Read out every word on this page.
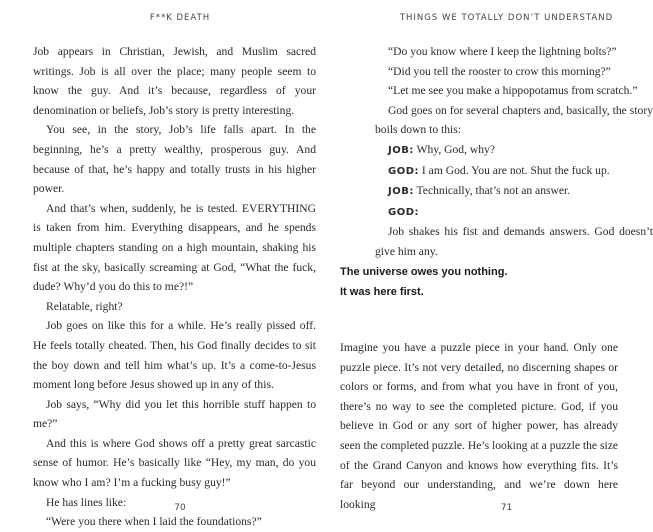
F**K DEATH

Job appears in Christian, Jewish, and Muslim sacred writings. Job is all over the place; many people seem to know the guy. And it’s because, regardless of your denomination or beliefs, Job’s story is pretty interesting.

You see, in the story, Job’s life falls apart. In the beginning, he’s a pretty wealthy, prosperous guy. And because of that, he’s happy and totally trusts in his higher power.

And that’s when, suddenly, he is tested. EVERYTHING is taken from him. Everything disappears, and he spends multiple chapters standing on a high mountain, shaking his fist at the sky, basically screaming at God, “What the fuck, dude? Why’d you do this to me?!”

Relatable, right?

Job goes on like this for a while. He’s really pissed off. He feels totally cheated. Then, his God finally decides to sit the boy down and tell him what’s up. It’s a come-to-Jesus moment long before Jesus showed up in any of this.

Job says, “Why did you let this horrible stuff happen to me?”

And this is where God shows off a pretty great sarcastic sense of humor. He’s basically like “Hey, my man, do you know who I am? I’m a fucking busy guy!”

He has lines like:

“Were you there when I laid the foundations?”

70
THINGS WE TOTALLY DON’T UNDERSTAND

“Do you know where I keep the lightning bolts?”

“Did you tell the rooster to crow this morning?”

“Let me see you make a hippopotamus from scratch.”

God goes on for several chapters and, basically, the story boils down to this:

JOB: Why, God, why?

GOD: I am God. You are not. Shut the fuck up.

JOB: Technically, that’s not an answer.

GOD:

Job shakes his fist and demands answers. God doesn’t give him any.

The universe owes you nothing.
It was here first.

Imagine you have a puzzle piece in your hand. Only one puzzle piece. It’s not very detailed, no discerning shapes or colors or forms, and from what you have in front of you, there’s no way to see the completed picture. God, if you believe in God or any sort of higher power, has already seen the completed puzzle. He’s looking at a puzzle the size of the Grand Canyon and knows how everything fits. It’s far beyond our understanding, and we’re down here looking	71
